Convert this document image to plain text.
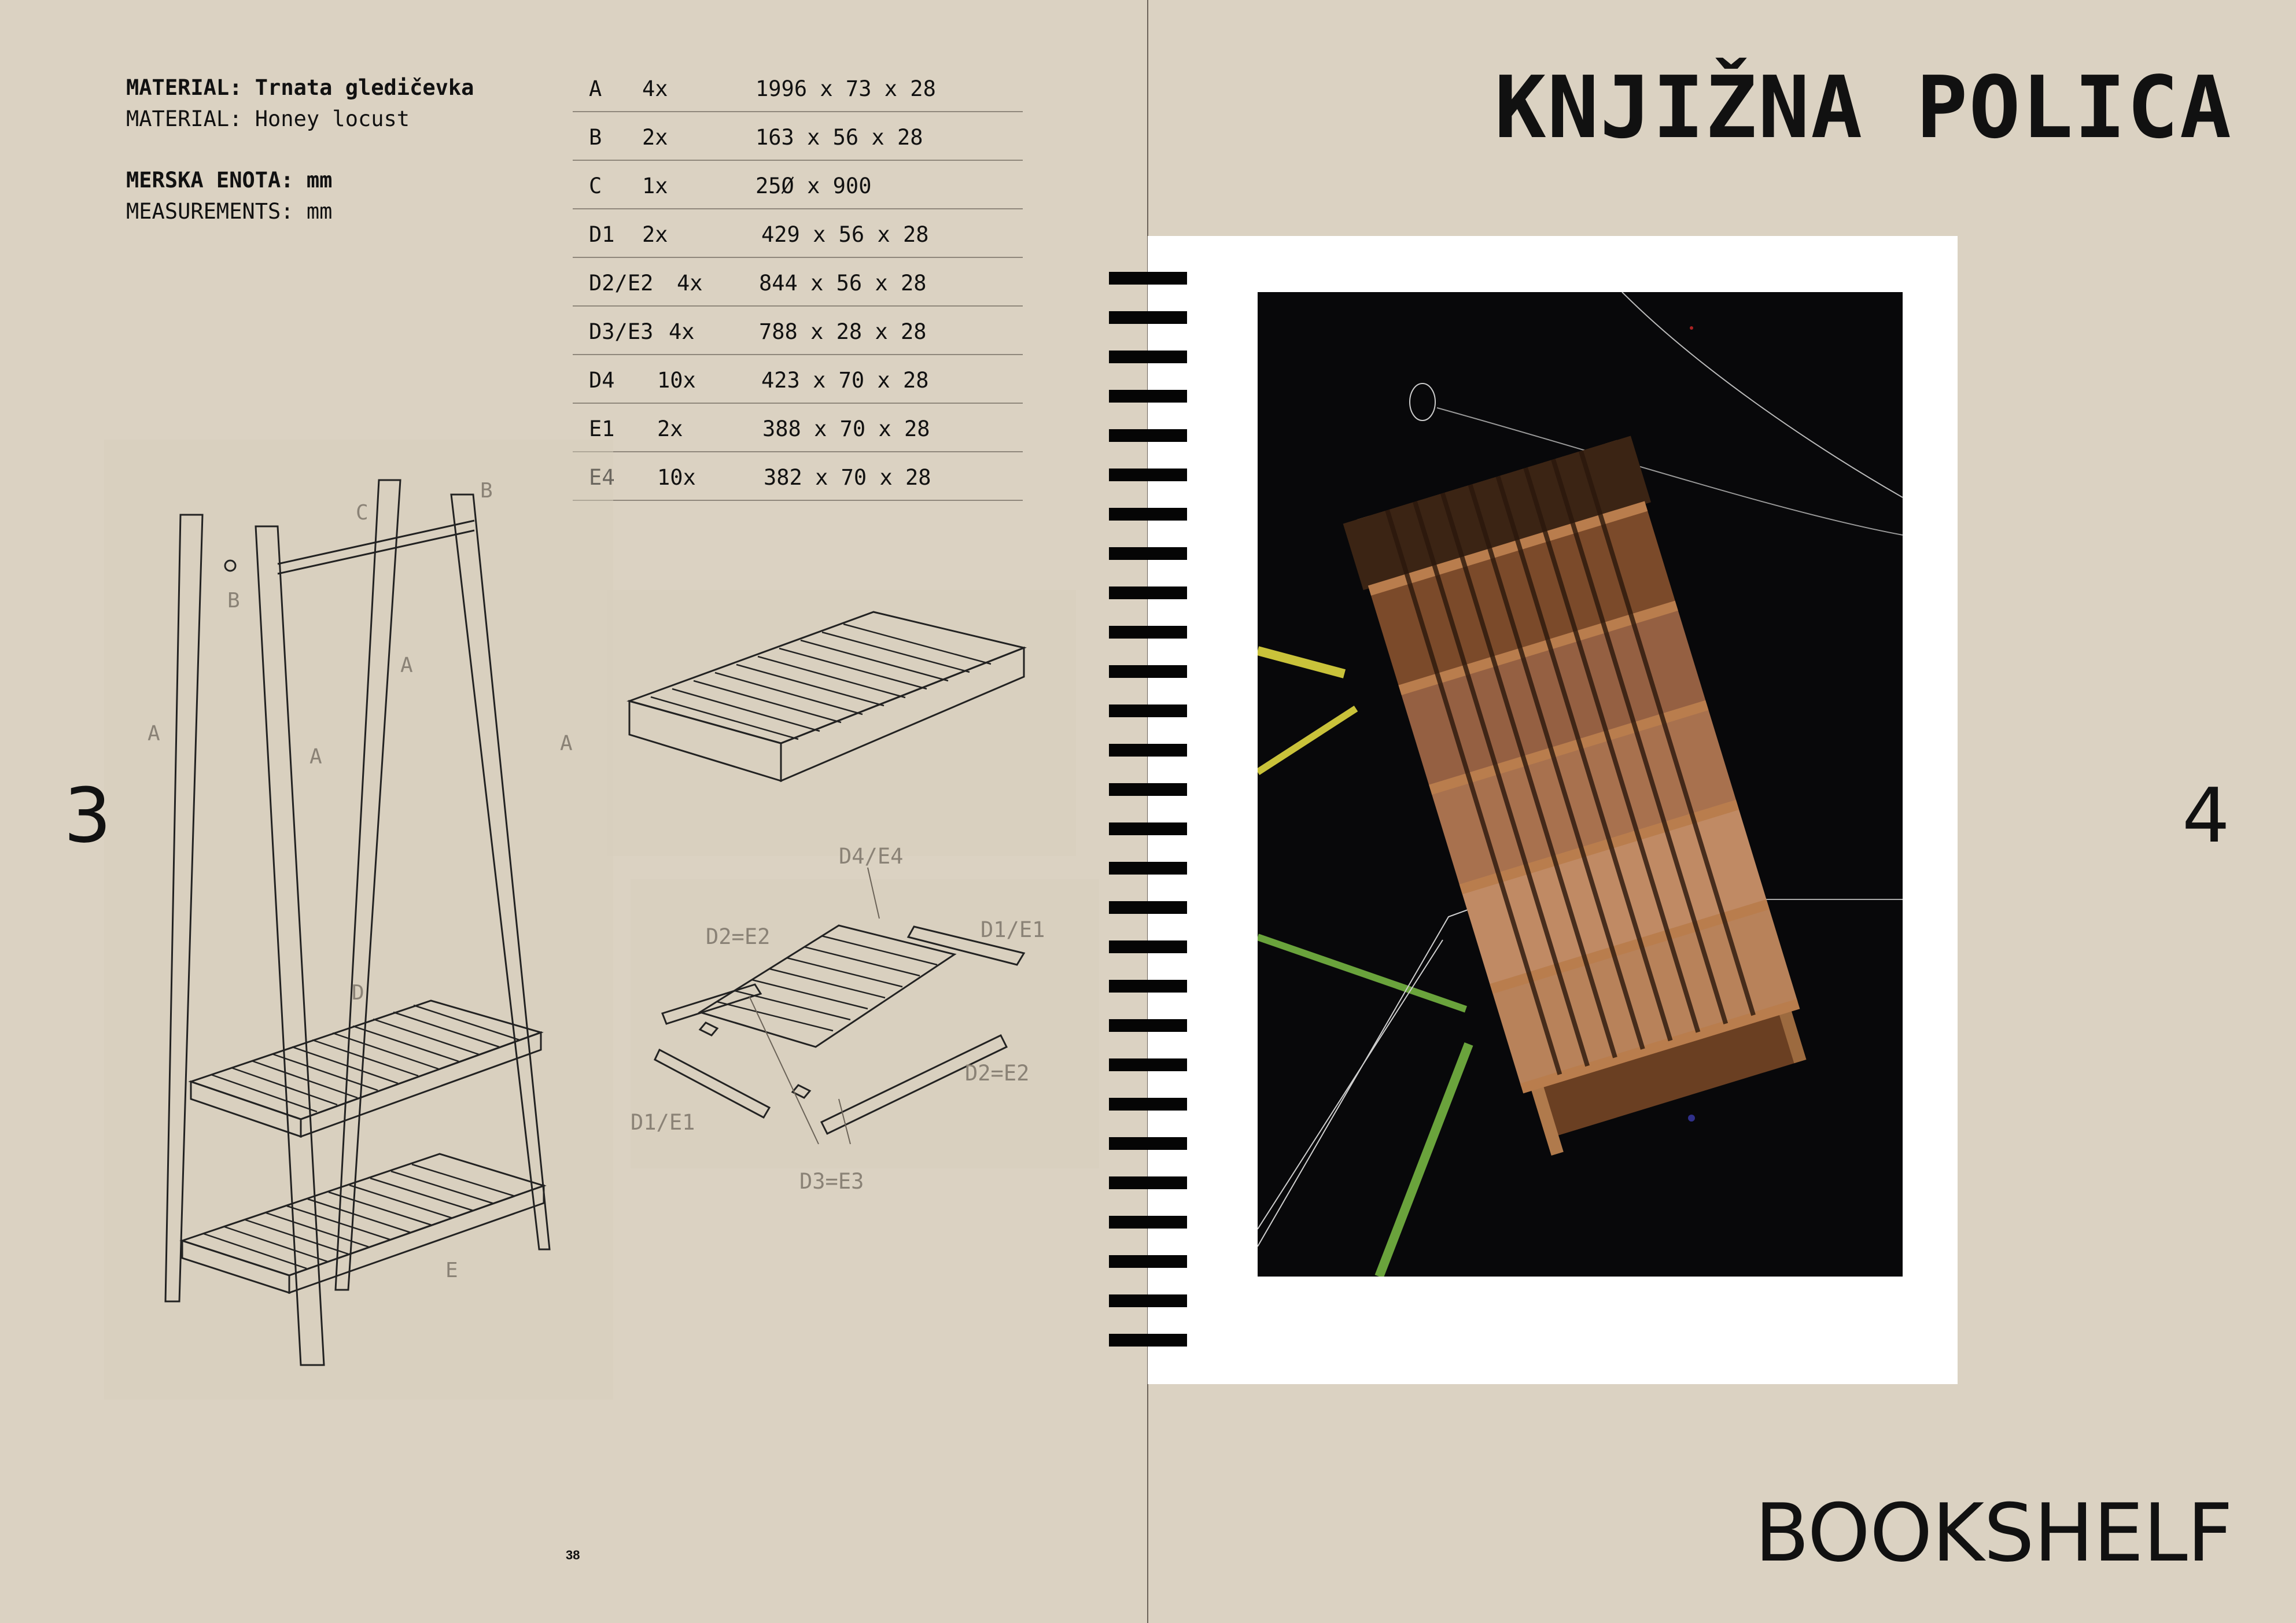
MATERIAL: Trnata gledičevka
MATERIAL: Honey locust
MERSKA ENOTA: mm
MEASUREMENTS: mm
A 4x	1996 x 73 x 28
B 2x	163 x 56 x 28
C 1x	25Ø x 900
D1 2x	429 x 56 x 28
D2/E2 4x	844 x 56 x 28
D3/E3 4x	788 x 28 x 28
D4 10x	423 x 70 x 28
E1 2x	388 x 70 x 28
E4 10x	382 x 70 x 28
B
C
B
A
A
A
A
D
E
D4/E4
D2=E2	D1/E1
D2=E2
D1/E1
D3=E3
3
38
KNJIŽNA POLICA
4
BOOKSHELF
